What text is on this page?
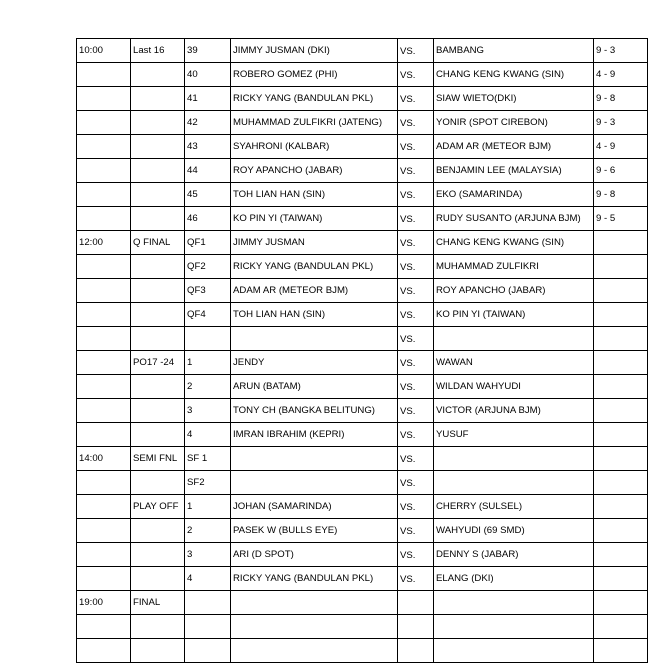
10:00	Last 16	39	JIMMY JUSMAN (DKI)	VS.	BAMBANG	9 - 3
		40	ROBERO GOMEZ (PHI)	VS.	CHANG KENG KWANG (SIN)	4 - 9
		41	RICKY YANG (BANDULAN PKL)	VS.	SIAW WIETO(DKI)	9 - 8
		42	MUHAMMAD ZULFIKRI (JATENG)	VS.	YONIR (SPOT CIREBON)	9 - 3
		43	SYAHRONI (KALBAR)	VS.	ADAM AR (METEOR BJM)	4 - 9
		44	ROY APANCHO (JABAR)	VS.	BENJAMIN LEE (MALAYSIA)	9 - 6
		45	TOH LIAN HAN (SIN)	VS.	EKO (SAMARINDA)	9 - 8
		46	KO PIN YI (TAIWAN)	VS.	RUDY SUSANTO (ARJUNA BJM)	9 - 5
12:00	Q FINAL	QF1	JIMMY JUSMAN	VS.	CHANG KENG KWANG (SIN)	
		QF2	RICKY YANG (BANDULAN PKL)	VS.	MUHAMMAD ZULFIKRI	
		QF3	ADAM AR (METEOR BJM)	VS.	ROY APANCHO (JABAR)	
		QF4	TOH LIAN HAN (SIN)	VS.	KO PIN YI (TAIWAN)	
				VS.		
	PO17 -24	1	JENDY	VS.	WAWAN	
		2	ARUN (BATAM)	VS.	WILDAN WAHYUDI	
		3	TONY CH (BANGKA BELITUNG)	VS.	VICTOR (ARJUNA BJM)	
		4	IMRAN IBRAHIM (KEPRI)	VS.	YUSUF	
14:00	SEMI FNL	SF 1		VS.		
		SF2		VS.		
	PLAY OFF	1	JOHAN (SAMARINDA)	VS.	CHERRY (SULSEL)	
		2	PASEK W (BULLS EYE)	VS.	WAHYUDI (69 SMD)	
		3	ARI (D SPOT)	VS.	DENNY S (JABAR)	
		4	RICKY YANG (BANDULAN PKL)	VS.	ELANG (DKI)	
19:00	FINAL					
